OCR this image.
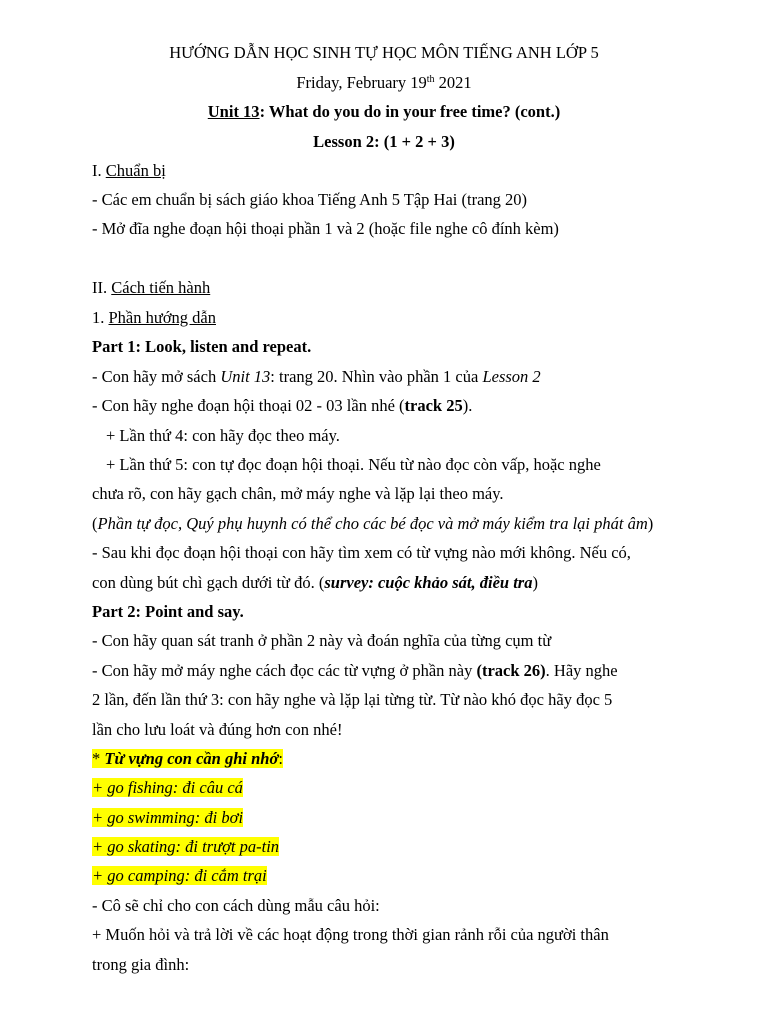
HƯỚNG DẪN HỌC SINH TỰ HỌC MÔN TIẾNG ANH LỚP 5
Friday, February 19th 2021
Unit 13: What do you do in your free time? (cont.)
Lesson 2: (1 + 2 + 3)
I. Chuẩn bị
- Các em chuẩn bị sách giáo khoa Tiếng Anh 5 Tập Hai (trang 20)
- Mở đĩa nghe đoạn hội thoại phần 1 và 2 (hoặc file nghe cô đính kèm)
II. Cách tiến hành
1. Phần hướng dẫn
Part 1: Look, listen and repeat.
- Con hãy mở sách Unit 13: trang 20. Nhìn vào phần 1 của Lesson 2
- Con hãy nghe đoạn hội thoại 02 - 03 lần nhé (track 25).
+ Lần thứ 4: con hãy đọc theo máy.
+ Lần thứ 5: con tự đọc đoạn hội thoại. Nếu từ nào đọc còn vấp, hoặc nghe
chưa rõ, con hãy gạch chân, mở máy nghe và lặp lại theo máy.
(Phần tự đọc, Quý phụ huynh có thể cho các bé đọc và mở máy kiểm tra lại phát âm)
- Sau khi đọc đoạn hội thoại con hãy tìm xem có từ vựng nào mới không. Nếu có,
con dùng bút chì gạch dưới từ đó. (survey: cuộc khảo sát, điều tra)
Part 2: Point and say.
- Con hãy quan sát tranh ở phần 2 này và đoán nghĩa của từng cụm từ
- Con hãy mở máy nghe cách đọc các từ vựng ở phần này (track 26). Hãy nghe
2 lần, đến lần thứ 3: con hãy nghe và lặp lại từng từ. Từ nào khó đọc hãy đọc 5
lần cho lưu loát và đúng hơn con nhé!
* Từ vựng con cần ghi nhớ:
+ go fishing: đi câu cá
+ go swimming: đi bơi
+ go skating: đi trượt pa-tin
+ go camping: đi cắm trại
- Cô sẽ chỉ cho con cách dùng mẫu câu hỏi:
+ Muốn hỏi và trả lời về các hoạt động trong thời gian rảnh rỗi của người thân
trong gia đình:
